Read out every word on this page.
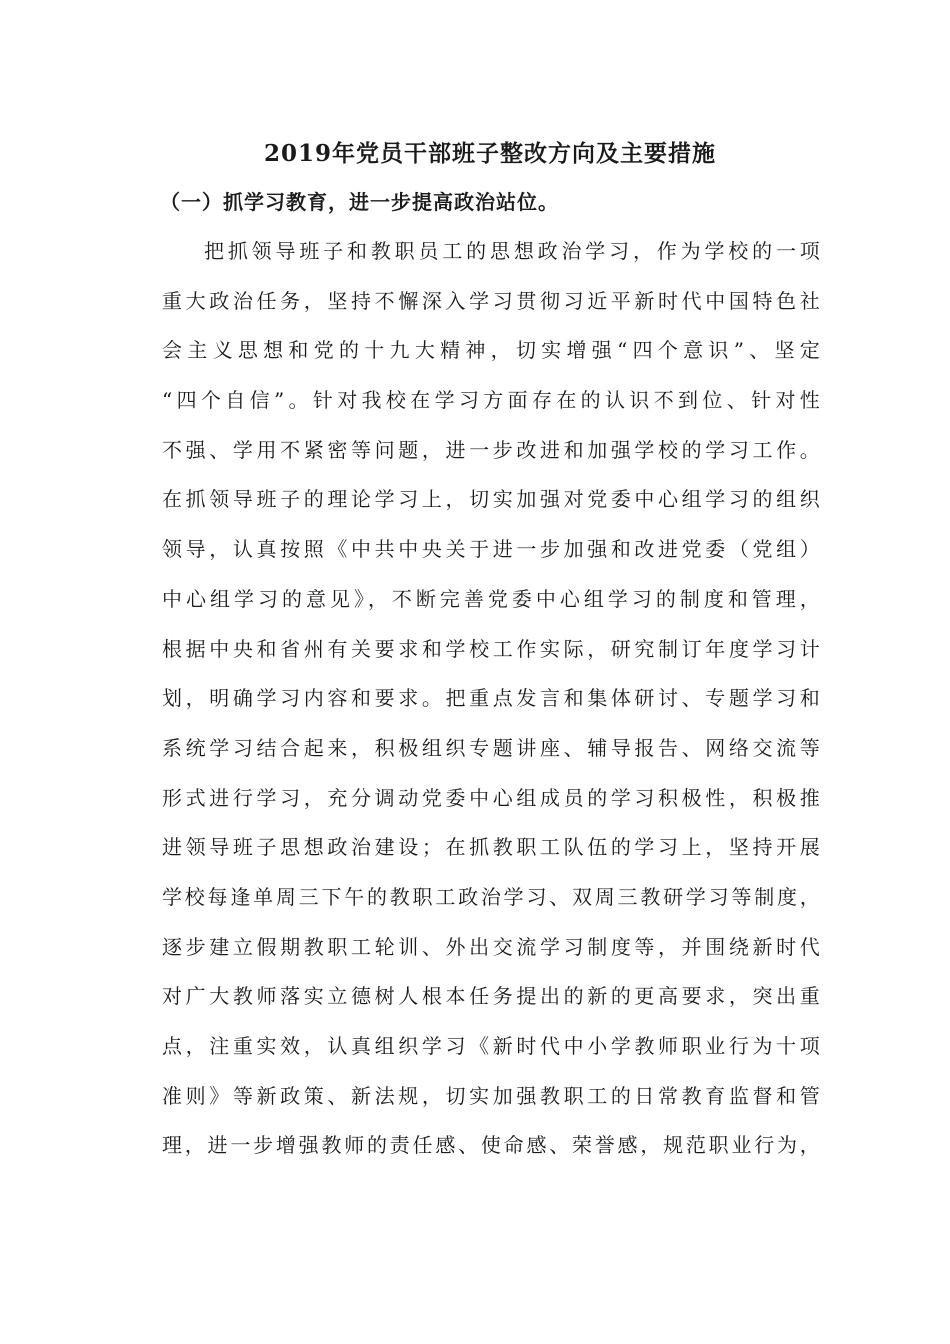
2019年党员干部班子整改方向及主要措施
（一）抓学习教育，进一步提高政治站位。
把抓领导班子和教职员工的思想政治学习，作为学校的一项
重大政治任务，坚持不懈深入学习贯彻习近平新时代中国特色社
会主义思想和党的十九大精神，切实增强“四个意识”、坚定
“四个自信”。针对我校在学习方面存在的认识不到位、针对性
不强、学用不紧密等问题，进一步改进和加强学校的学习工作。
在抓领导班子的理论学习上，切实加强对党委中心组学习的组织
领导，认真按照《中共中央关于进一步加强和改进党委（党组）
中心组学习的意见》，不断完善党委中心组学习的制度和管理，
根据中央和省州有关要求和学校工作实际，研究制订年度学习计
划，明确学习内容和要求。把重点发言和集体研讨、专题学习和
系统学习结合起来，积极组织专题讲座、辅导报告、网络交流等
形式进行学习，充分调动党委中心组成员的学习积极性，积极推
进领导班子思想政治建设；在抓教职工队伍的学习上，坚持开展
学校每逢单周三下午的教职工政治学习、双周三教研学习等制度，
逐步建立假期教职工轮训、外出交流学习制度等，并围绕新时代
对广大教师落实立德树人根本任务提出的新的更高要求，突出重
点，注重实效，认真组织学习《新时代中小学教师职业行为十项
准则》等新政策、新法规，切实加强教职工的日常教育监督和管
理，进一步增强教师的责任感、使命感、荣誉感，规范职业行为，
